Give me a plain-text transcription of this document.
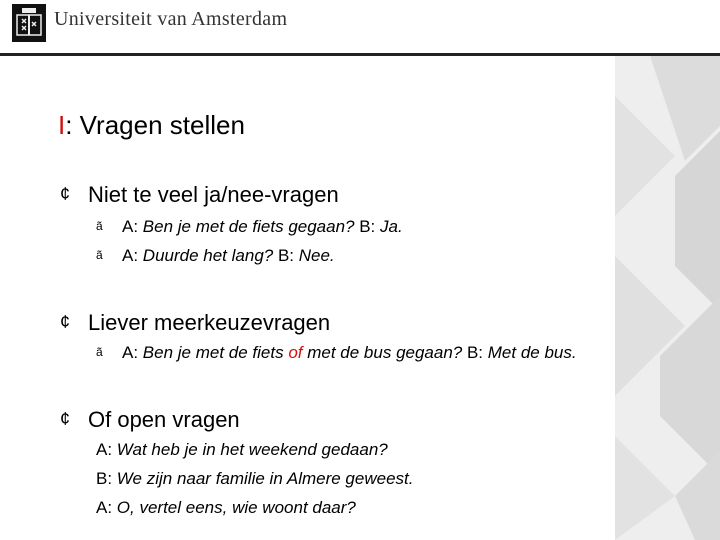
Universiteit van Amsterdam
I: Vragen stellen
¢ Niet te veel ja/nee-vragen
ã A: Ben je met de fiets gegaan? B: Ja.
ã A: Duurde het lang? B: Nee.
¢ Liever meerkeuzevragen
ã A: Ben je met de fiets of met de bus gegaan? B: Met de bus.
¢ Of open vragen
A: Wat heb je in het weekend gedaan?
B: We zijn naar familie in Almere geweest.
A: O, vertel eens, wie woont daar?
